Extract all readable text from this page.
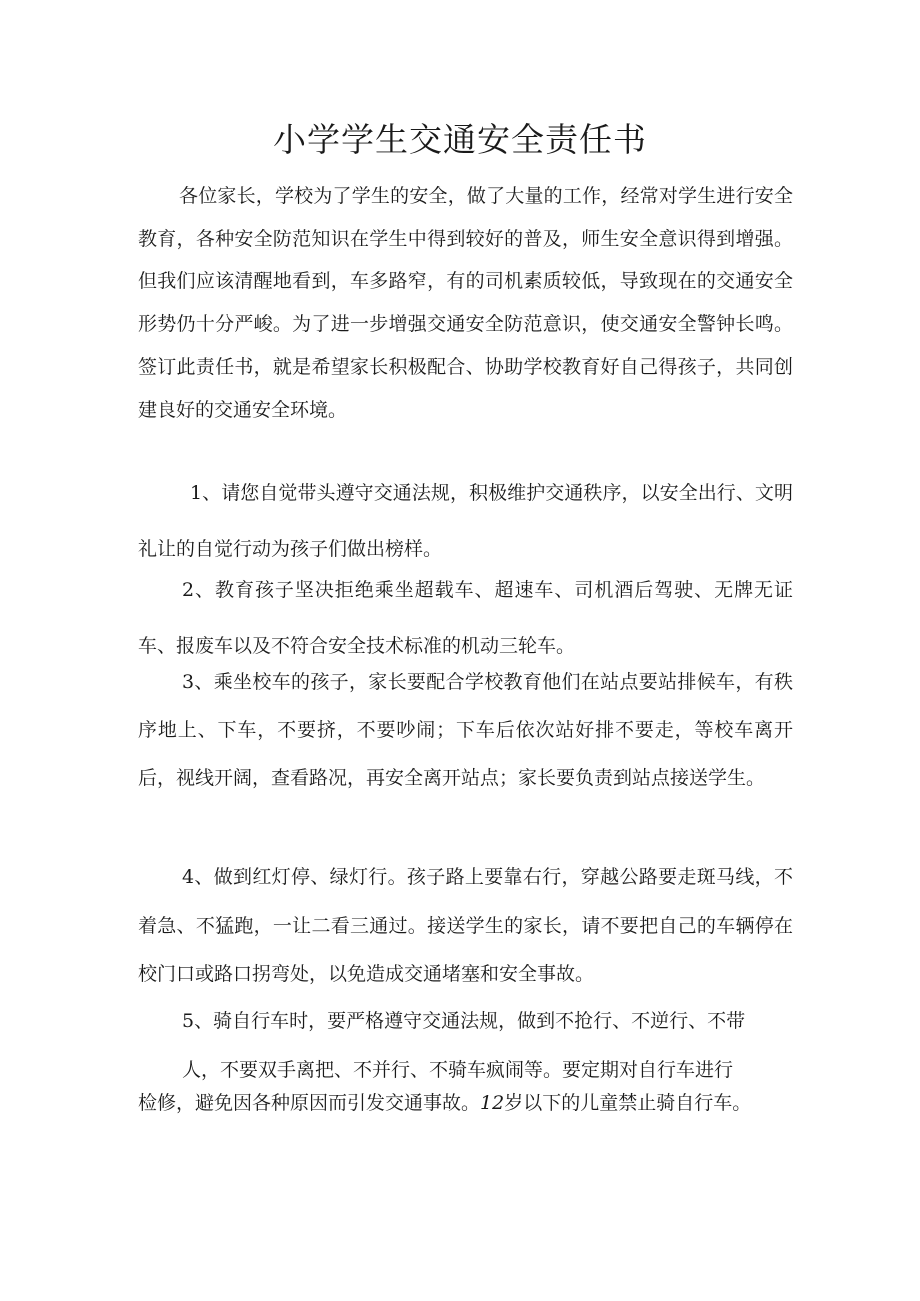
小学学生交通安全责任书

各位家长，学校为了学生的安全，做了大量的工作，经常对学生进行安全教育，各种安全防范知识在学生中得到较好的普及，师生安全意识得到增强。但我们应该清醒地看到，车多路窄，有的司机素质较低，导致现在的交通安全形势仍十分严峻。为了进一步增强交通安全防范意识，使交通安全警钟长鸣。签订此责任书，就是希望家长积极配合、协助学校教育好自己得孩子，共同创建良好的交通安全环境。

1、请您自觉带头遵守交通法规，积极维护交通秩序，以安全出行、文明礼让的自觉行动为孩子们做出榜样。

2、教育孩子坚决拒绝乘坐超载车、超速车、司机酒后驾驶、无牌无证车、报废车以及不符合安全技术标准的机动三轮车。

3、乘坐校车的孩子，家长要配合学校教育他们在站点要站排候车，有秩序地上、下车，不要挤，不要吵闹；下车后依次站好排不要走，等校车离开后，视线开阔，查看路况，再安全离开站点；家长要负责到站点接送学生。

4、做到红灯停、绿灯行。孩子路上要靠右行，穿越公路要走斑马线，不着急、不猛跑，一让二看三通过。接送学生的家长，请不要把自己的车辆停在校门口或路口拐弯处，以免造成交通堵塞和安全事故。

5、骑自行车时，要严格遵守交通法规，做到不抢行、不逆行、不带
人，不要双手离把、不并行、不骑车疯闹等。要定期对自行车进行
检修，避免因各种原因而引发交通事故。12岁以下的儿童禁止骑自行车。
